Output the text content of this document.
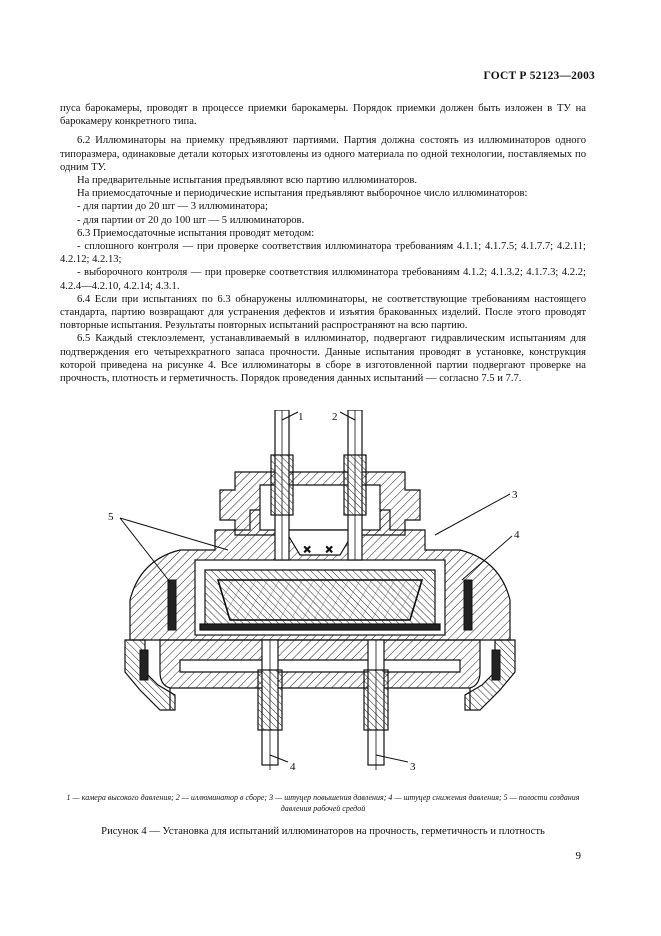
ГОСТ Р 52123—2003

пуса барокамеры, проводят в процессе приемки барокамеры. Порядок приемки должен быть изложен в ТУ на барокамеру конкретного типа.

6.2 Иллюминаторы на приемку предъявляют партиями. Партия должна состоять из иллюминаторов одного типоразмера, одинаковые детали которых изготовлены из одного материала по одной технологии, поставляемых по одним ТУ.

На предварительные испытания предъявляют всю партию иллюминаторов.

На приемосдаточные и периодические испытания предъявляют выборочное число иллюминаторов:

- для партии до 20 шт — 3 иллюминатора;

- для партии от 20 до 100 шт — 5 иллюминаторов.

6.3 Приемосдаточные испытания проводят методом:

- сплошного контроля — при проверке соответствия иллюминатора требованиям 4.1.1; 4.1.7.5; 4.1.7.7; 4.2.11; 4.2.12; 4.2.13;

- выборочного контроля — при проверке соответствия иллюминатора требованиям 4.1.2; 4.1.3.2; 4.1.7.3; 4.2.2; 4.2.4—4.2.10, 4.2.14; 4.3.1.

6.4 Если при испытаниях по 6.3 обнаружены иллюминаторы, не соответствующие требованиям настоящего стандарта, партию возвращают для устранения дефектов и изъятия бракованных изделий. После этого проводят повторные испытания. Результаты повторных испытаний распространяют на всю партию.

6.5 Каждый стеклоэлемент, устанавливаемый в иллюминатор, подвергают гидравлическим испытаниям для подтверждения его четырехкратного запаса прочности. Данные испытания проводят в установке, конструкция которой приведена на рисунке 4. Все иллюминаторы в сборе в изготовленной партии подвергают проверке на прочность, плотность и герметичность. Порядок проведения данных испытаний — согласно 7.5 и 7.7.

✕ ✕
1	2
3
4
5
4	3
1 — камера высокого давления; 2 — иллюминатор в сборе; 3 — штуцер повышения давления; 4 — штуцер снижения давления; 5 — полости создания давления рабочей средой
Рисунок 4 — Установка для испытаний иллюминаторов на прочность, герметичность и плотность
9
